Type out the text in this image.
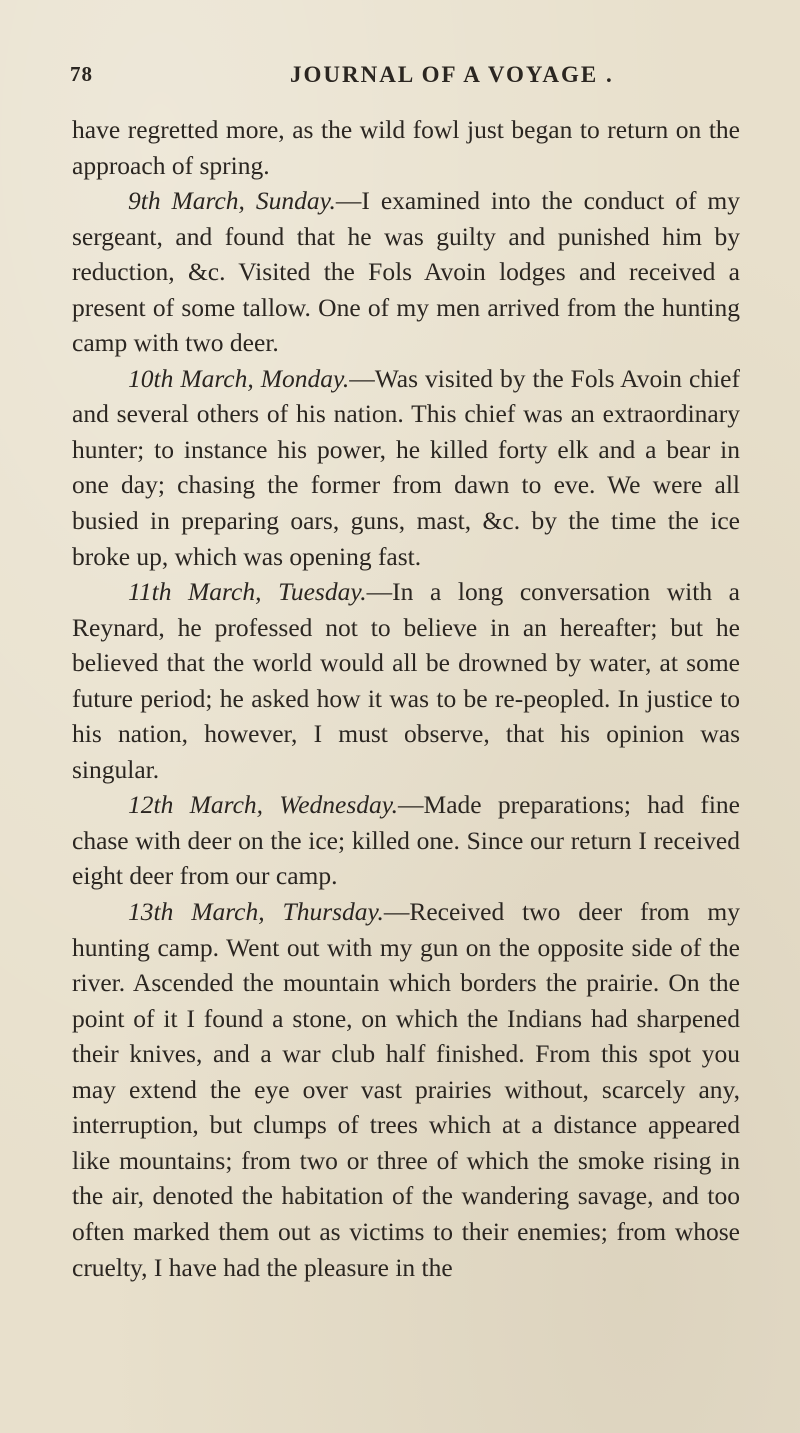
78	JOURNAL OF A VOYAGE .

have regretted more, as the wild fowl just began to return on the approach of spring.

9th March, Sunday.—I examined into the conduct of my sergeant, and found that he was guilty and punished him by reduction, &c. Visited the Fols Avoin lodges and received a present of some tallow. One of my men arrived from the hunting camp with two deer.

10th March, Monday.—Was visited by the Fols Avoin chief and several others of his nation. This chief was an extraordinary hunter; to instance his power, he killed forty elk and a bear in one day; chasing the former from dawn to eve. We were all busied in preparing oars, guns, mast, &c. by the time the ice broke up, which was opening fast.

11th March, Tuesday.—In a long conversation with a Reynard, he professed not to believe in an hereafter; but he believed that the world would all be drowned by water, at some future period; he asked how it was to be re-peopled. In justice to his nation, however, I must observe, that his opinion was singular.

12th March, Wednesday.—Made preparations; had fine chase with deer on the ice; killed one. Since our return I received eight deer from our camp.

13th March, Thursday.—Received two deer from my hunting camp. Went out with my gun on the opposite side of the river. Ascended the mountain which borders the prairie. On the point of it I found a stone, on which the Indians had sharpened their knives, and a war club half finished. From this spot you may extend the eye over vast prairies without, scarcely any, interruption, but clumps of trees which at a distance appeared like mountains; from two or three of which the smoke rising in the air, denoted the habitation of the wandering savage, and too often marked them out as victims to their enemies; from whose cruelty, I have had the pleasure in the
